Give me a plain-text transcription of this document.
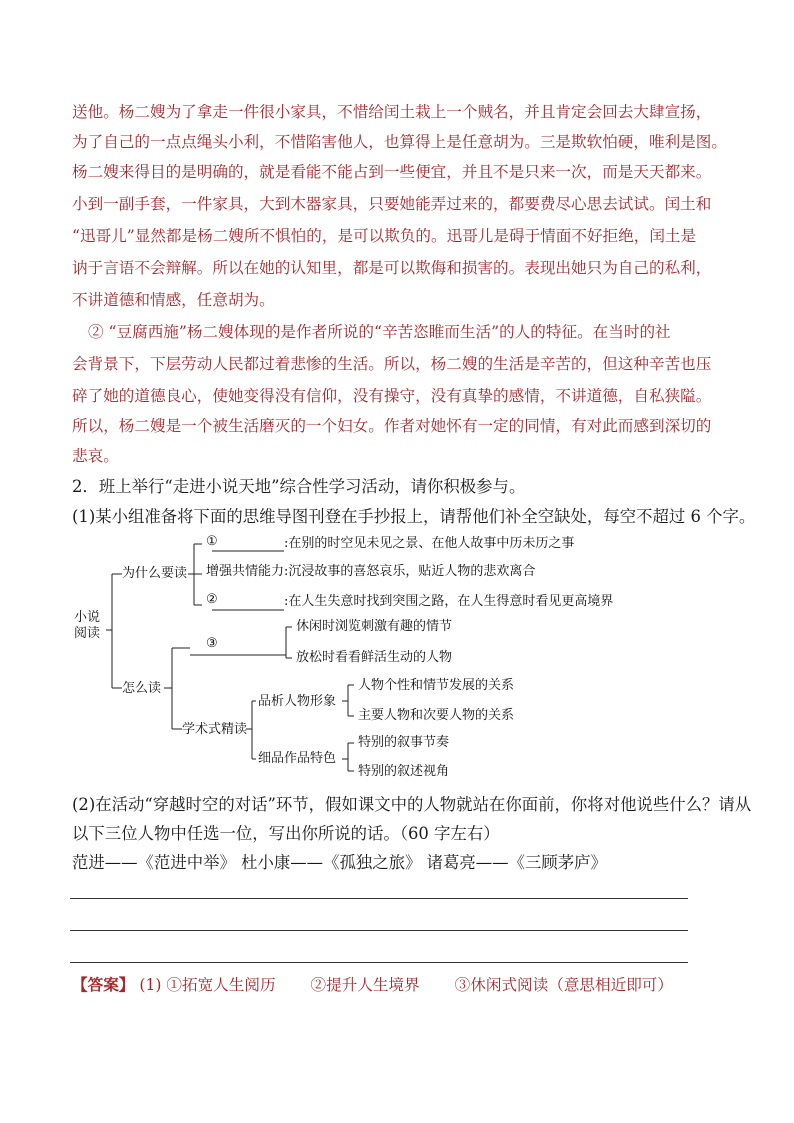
送他。杨二嫂为了拿走一件很小家具，不惜给闰土栽上一个贼名，并且肯定会回去大肆宣扬，
为了自己的一点点绳头小利，不惜陷害他人，也算得上是任意胡为。三是欺软怕硬，唯利是图。
杨二嫂来得目的是明确的，就是看能不能占到一些便宜，并且不是只来一次，而是天天都来。
小到一副手套，一件家具，大到木器家具，只要她能弄过来的，都要费尽心思去试试。闰土和
“迅哥儿”显然都是杨二嫂所不惧怕的，是可以欺负的。迅哥儿是碍于情面不好拒绝，闰土是
讷于言语不会辩解。所以在她的认知里，都是可以欺侮和损害的。表现出她只为自己的私利，
不讲道德和情感，任意胡为。
② “豆腐西施”杨二嫂体现的是作者所说的“辛苦恣睢而生活”的人的特征。在当时的社
会背景下，下层劳动人民都过着悲惨的生活。所以，杨二嫂的生活是辛苦的，但这种辛苦也压
碎了她的道德良心，使她变得没有信仰，没有操守，没有真挚的感情，不讲道德，自私狭隘。
所以，杨二嫂是一个被生活磨灭的一个妇女。作者对她怀有一定的同情，有对此而感到深切的
悲哀。
2．班上举行“走进小说天地”综合性学习活动，请你积极参与。
(1)某小组准备将下面的思维导图刊登在手抄报上，请帮他们补全空缺处，每空不超过 6 个字。
小说
阅读
为什么要读
①	:在别的时空见未见之景、在他人故事中历未历之事
增强共情能力 :沉浸故事的喜怒哀乐，贴近人物的悲欢离合
②	:在人生失意时找到突围之路，在人生得意时看见更高境界
怎么读
③
休闲时浏览刺激有趣的情节
放松时看看鲜活生动的人物
学术式精读
品析人物形象
人物个性和情节发展的关系
主要人物和次要人物的关系
细品作品特色
特别的叙事节奏
特别的叙述视角
(2)在活动“穿越时空的对话”环节，假如课文中的人物就站在你面前，你将对他说些什么？请从
以下三位人物中任选一位，写出你所说的话。（60 字左右）
范进——《范进中举》 杜小康——《孤独之旅》 诸葛亮——《三顾茅庐》
【答案】 (1) ①拓宽人生阅历 ②提升人生境界 ③休闲式阅读（意思相近即可）
